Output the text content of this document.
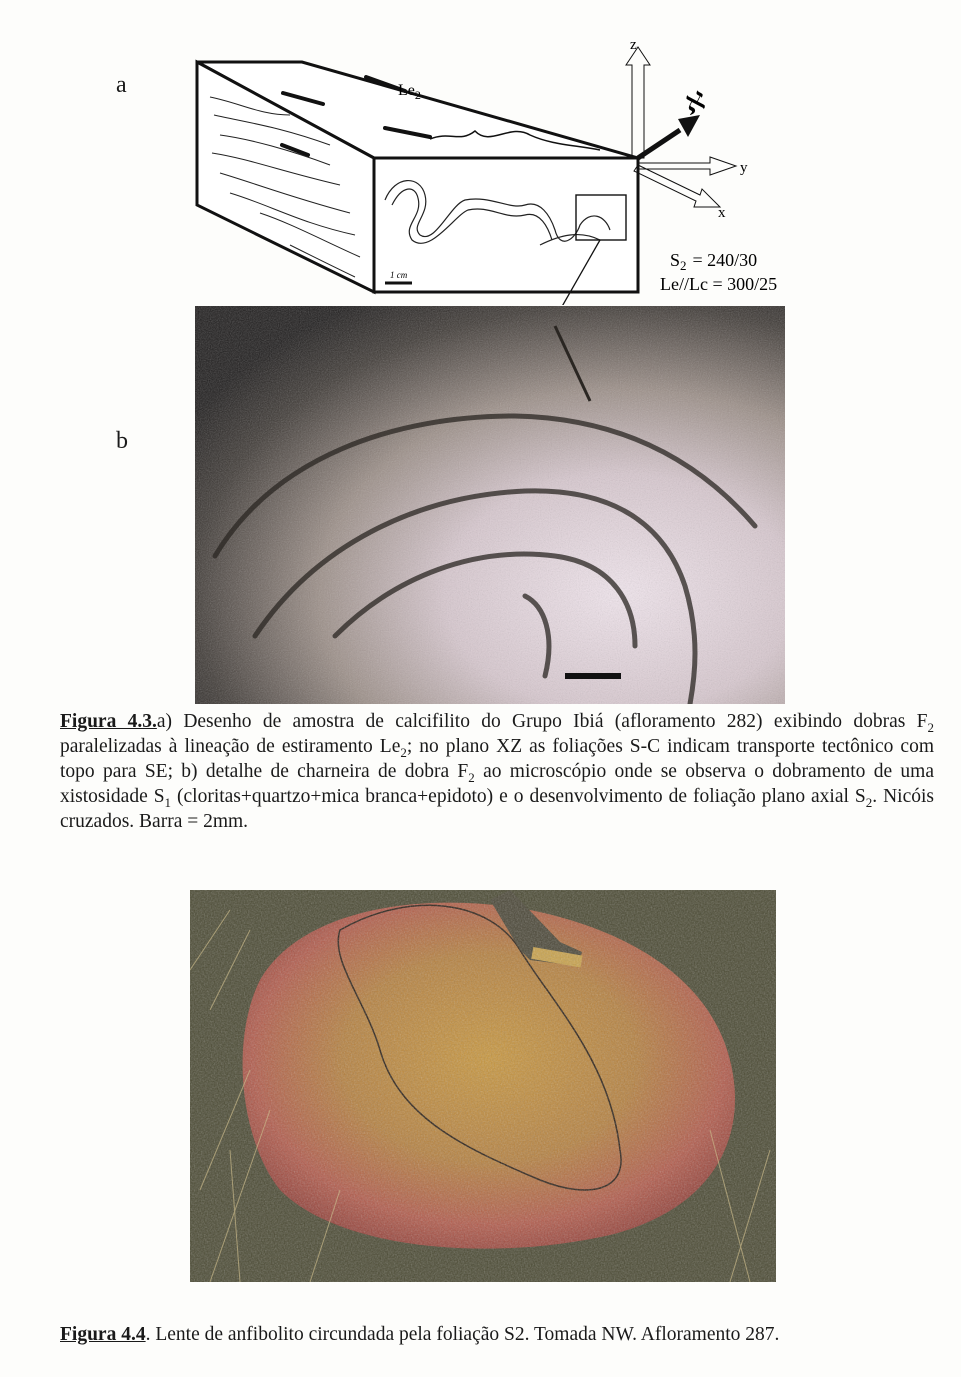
a
b
1 cm
$Le_2$
z
y
x
ℵ
$S_2 = 240/30$
Le//Lc = 300/25
Figura 4.3.a) Desenho de amostra de calcifilito do Grupo Ibiá (afloramento 282) exibindo dobras $F_2$ paralelizadas à lineação de estiramento $Le_2$; no plano XZ as foliações S-C indicam transporte tectônico com topo para SE; b) detalhe de charneira de dobra $F_2$ ao microscópio onde se observa o dobramento de uma xistosidade $S_1$ (cloritas+quartzo+mica branca+epidoto) e o desenvolvimento de foliação plano axial $S_2$. Nicóis cruzados. Barra = 2mm.
Figura 4.4. Lente de anfibolito circundada pela foliação S2. Tomada NW. Afloramento 287.
